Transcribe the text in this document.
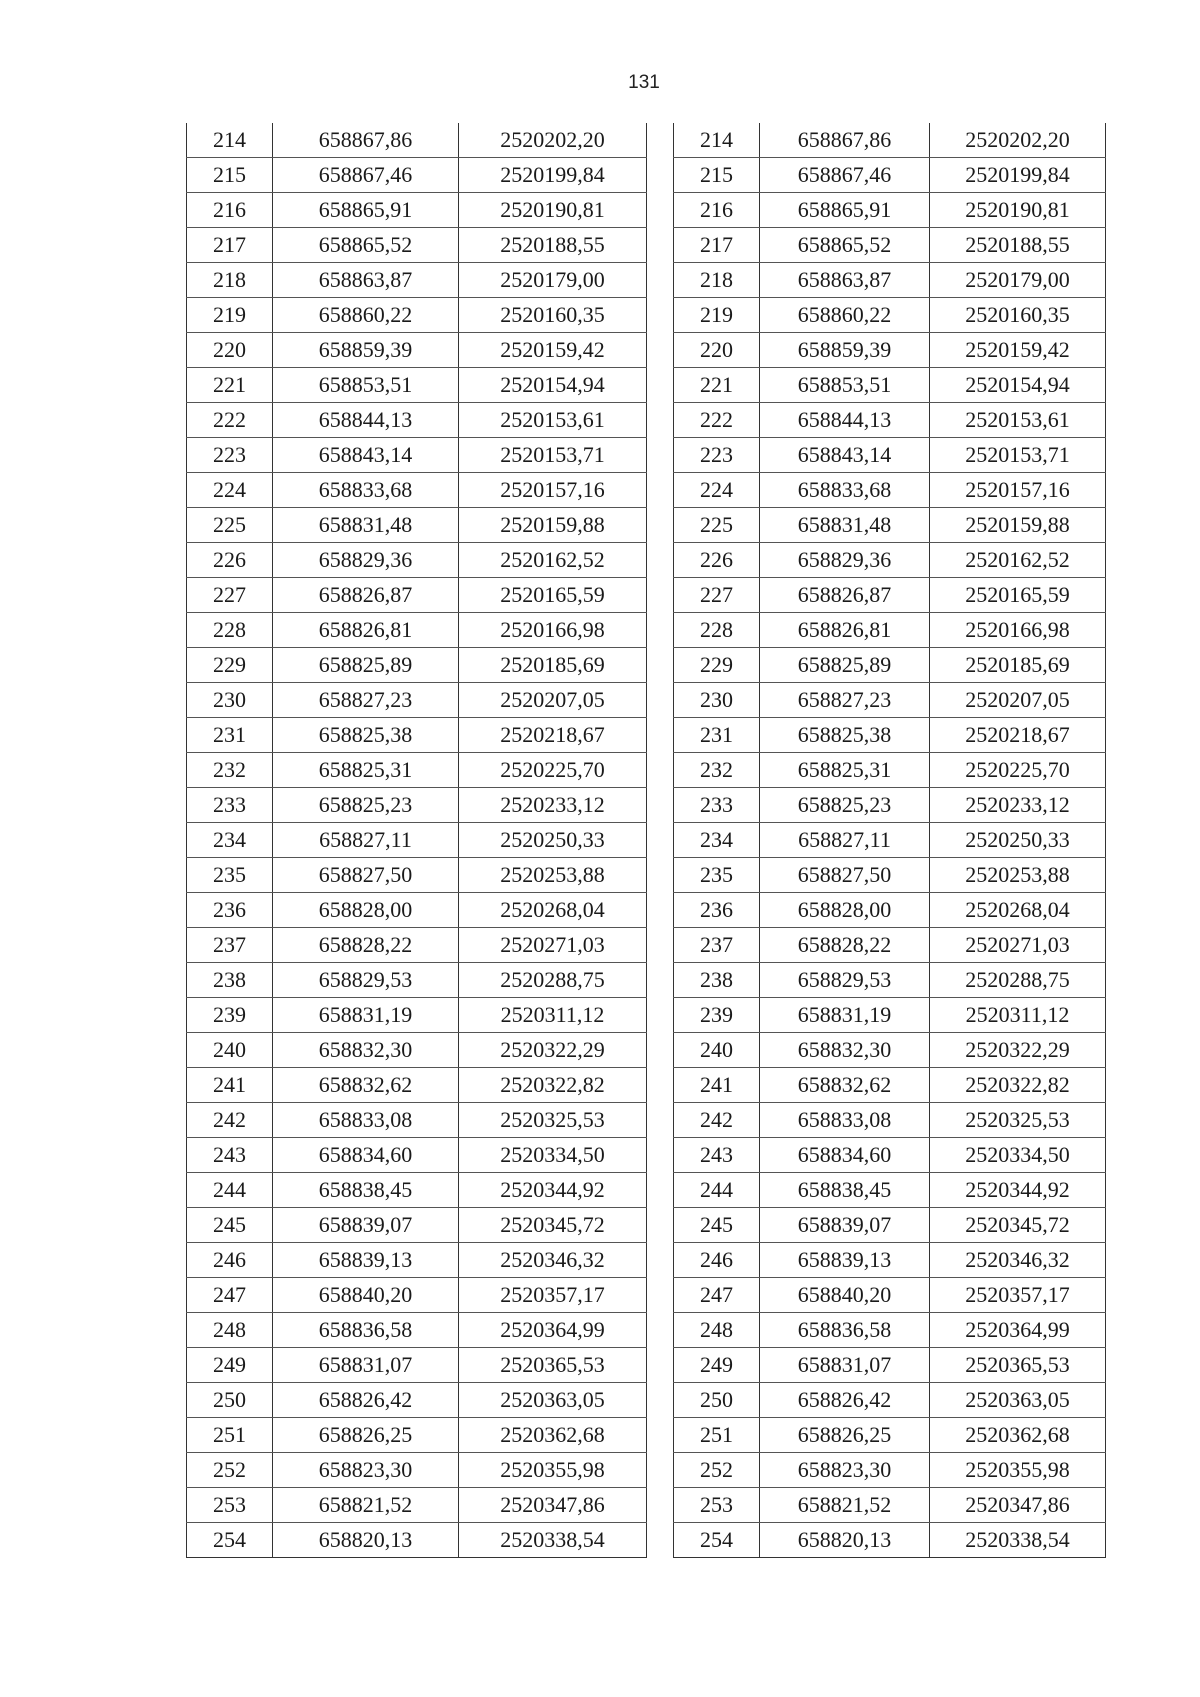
131
214	658867,86	2520202,20
215	658867,46	2520199,84
216	658865,91	2520190,81
217	658865,52	2520188,55
218	658863,87	2520179,00
219	658860,22	2520160,35
220	658859,39	2520159,42
221	658853,51	2520154,94
222	658844,13	2520153,61
223	658843,14	2520153,71
224	658833,68	2520157,16
225	658831,48	2520159,88
226	658829,36	2520162,52
227	658826,87	2520165,59
228	658826,81	2520166,98
229	658825,89	2520185,69
230	658827,23	2520207,05
231	658825,38	2520218,67
232	658825,31	2520225,70
233	658825,23	2520233,12
234	658827,11	2520250,33
235	658827,50	2520253,88
236	658828,00	2520268,04
237	658828,22	2520271,03
238	658829,53	2520288,75
239	658831,19	2520311,12
240	658832,30	2520322,29
241	658832,62	2520322,82
242	658833,08	2520325,53
243	658834,60	2520334,50
244	658838,45	2520344,92
245	658839,07	2520345,72
246	658839,13	2520346,32
247	658840,20	2520357,17
248	658836,58	2520364,99
249	658831,07	2520365,53
250	658826,42	2520363,05
251	658826,25	2520362,68
252	658823,30	2520355,98
253	658821,52	2520347,86
254	658820,13	2520338,54
214	658867,86	2520202,20
215	658867,46	2520199,84
216	658865,91	2520190,81
217	658865,52	2520188,55
218	658863,87	2520179,00
219	658860,22	2520160,35
220	658859,39	2520159,42
221	658853,51	2520154,94
222	658844,13	2520153,61
223	658843,14	2520153,71
224	658833,68	2520157,16
225	658831,48	2520159,88
226	658829,36	2520162,52
227	658826,87	2520165,59
228	658826,81	2520166,98
229	658825,89	2520185,69
230	658827,23	2520207,05
231	658825,38	2520218,67
232	658825,31	2520225,70
233	658825,23	2520233,12
234	658827,11	2520250,33
235	658827,50	2520253,88
236	658828,00	2520268,04
237	658828,22	2520271,03
238	658829,53	2520288,75
239	658831,19	2520311,12
240	658832,30	2520322,29
241	658832,62	2520322,82
242	658833,08	2520325,53
243	658834,60	2520334,50
244	658838,45	2520344,92
245	658839,07	2520345,72
246	658839,13	2520346,32
247	658840,20	2520357,17
248	658836,58	2520364,99
249	658831,07	2520365,53
250	658826,42	2520363,05
251	658826,25	2520362,68
252	658823,30	2520355,98
253	658821,52	2520347,86
254	658820,13	2520338,54
